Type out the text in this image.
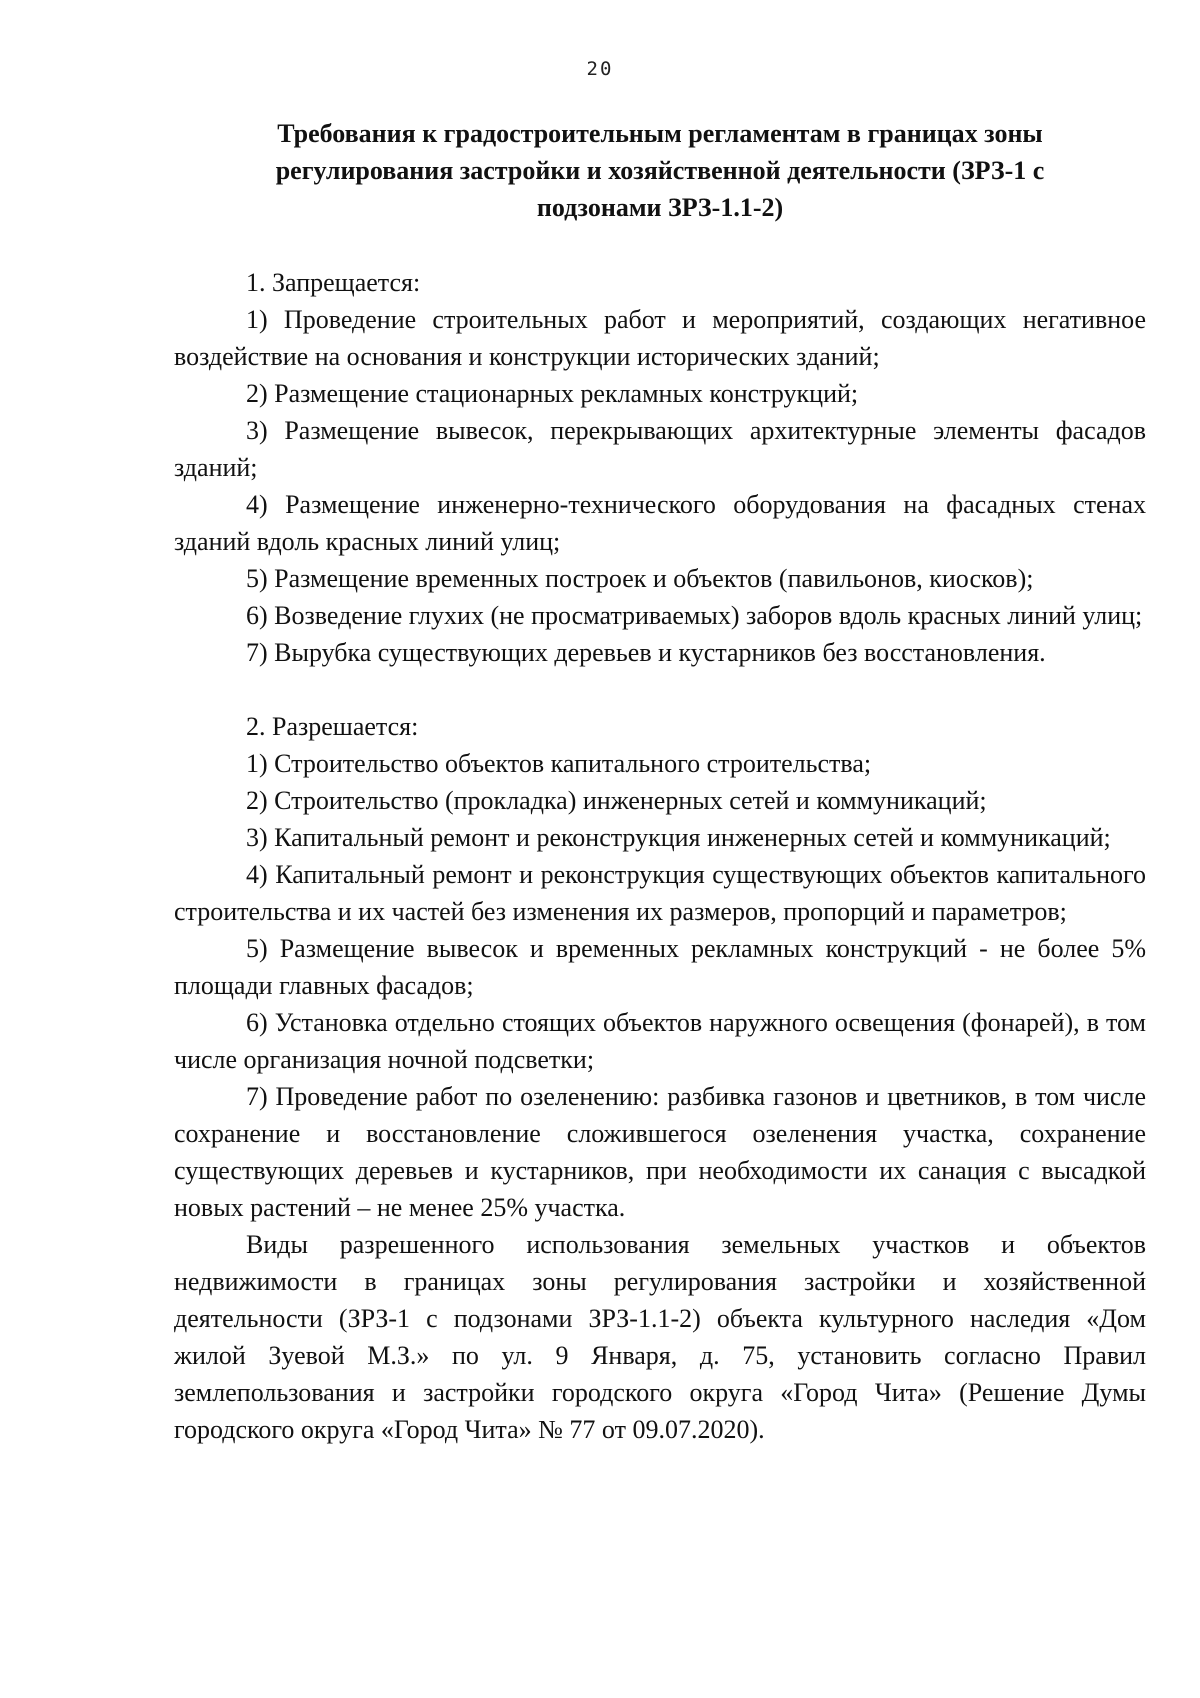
20
Требования к градостроительным регламентам в границах зоны регулирования застройки и хозяйственной деятельности (ЗРЗ-1 с подзонами ЗРЗ-1.1-2)

1. Запрещается:

1) Проведение строительных работ и мероприятий, создающих негативное воздействие на основания и конструкции исторических зданий;

2) Размещение стационарных рекламных конструкций;

3) Размещение вывесок, перекрывающих архитектурные элементы фасадов зданий;

4) Размещение инженерно-технического оборудования на фасадных стенах зданий вдоль красных линий улиц;

5) Размещение временных построек и объектов (павильонов, киосков);

6) Возведение глухих (не просматриваемых) заборов вдоль красных линий улиц;

7) Вырубка существующих деревьев и кустарников без восстановления.

2. Разрешается:

1) Строительство объектов капитального строительства;

2) Строительство (прокладка) инженерных сетей и коммуникаций;

3) Капитальный ремонт и реконструкция инженерных сетей и коммуникаций;

4) Капитальный ремонт и реконструкция существующих объектов капитального строительства и их частей без изменения их размеров, пропорций и параметров;

5) Размещение вывесок и временных рекламных конструкций - не более 5% площади главных фасадов;

6) Установка отдельно стоящих объектов наружного освещения (фонарей), в том числе организация ночной подсветки;

7) Проведение работ по озеленению: разбивка газонов и цветников, в том числе сохранение и восстановление сложившегося озеленения участка, сохранение существующих деревьев и кустарников, при необходимости их санация с высадкой новых растений – не менее 25% участка.

Виды разрешенного использования земельных участков и объектов недвижимости в границах зоны регулирования застройки и хозяйственной деятельности (ЗРЗ-1 с подзонами ЗРЗ-1.1-2) объекта культурного наследия «Дом жилой Зуевой М.З.» по ул. 9 Января, д. 75, установить согласно Правил землепользования и застройки городского округа «Город Чита» (Решение Думы городского округа «Город Чита» № 77 от 09.07.2020).
